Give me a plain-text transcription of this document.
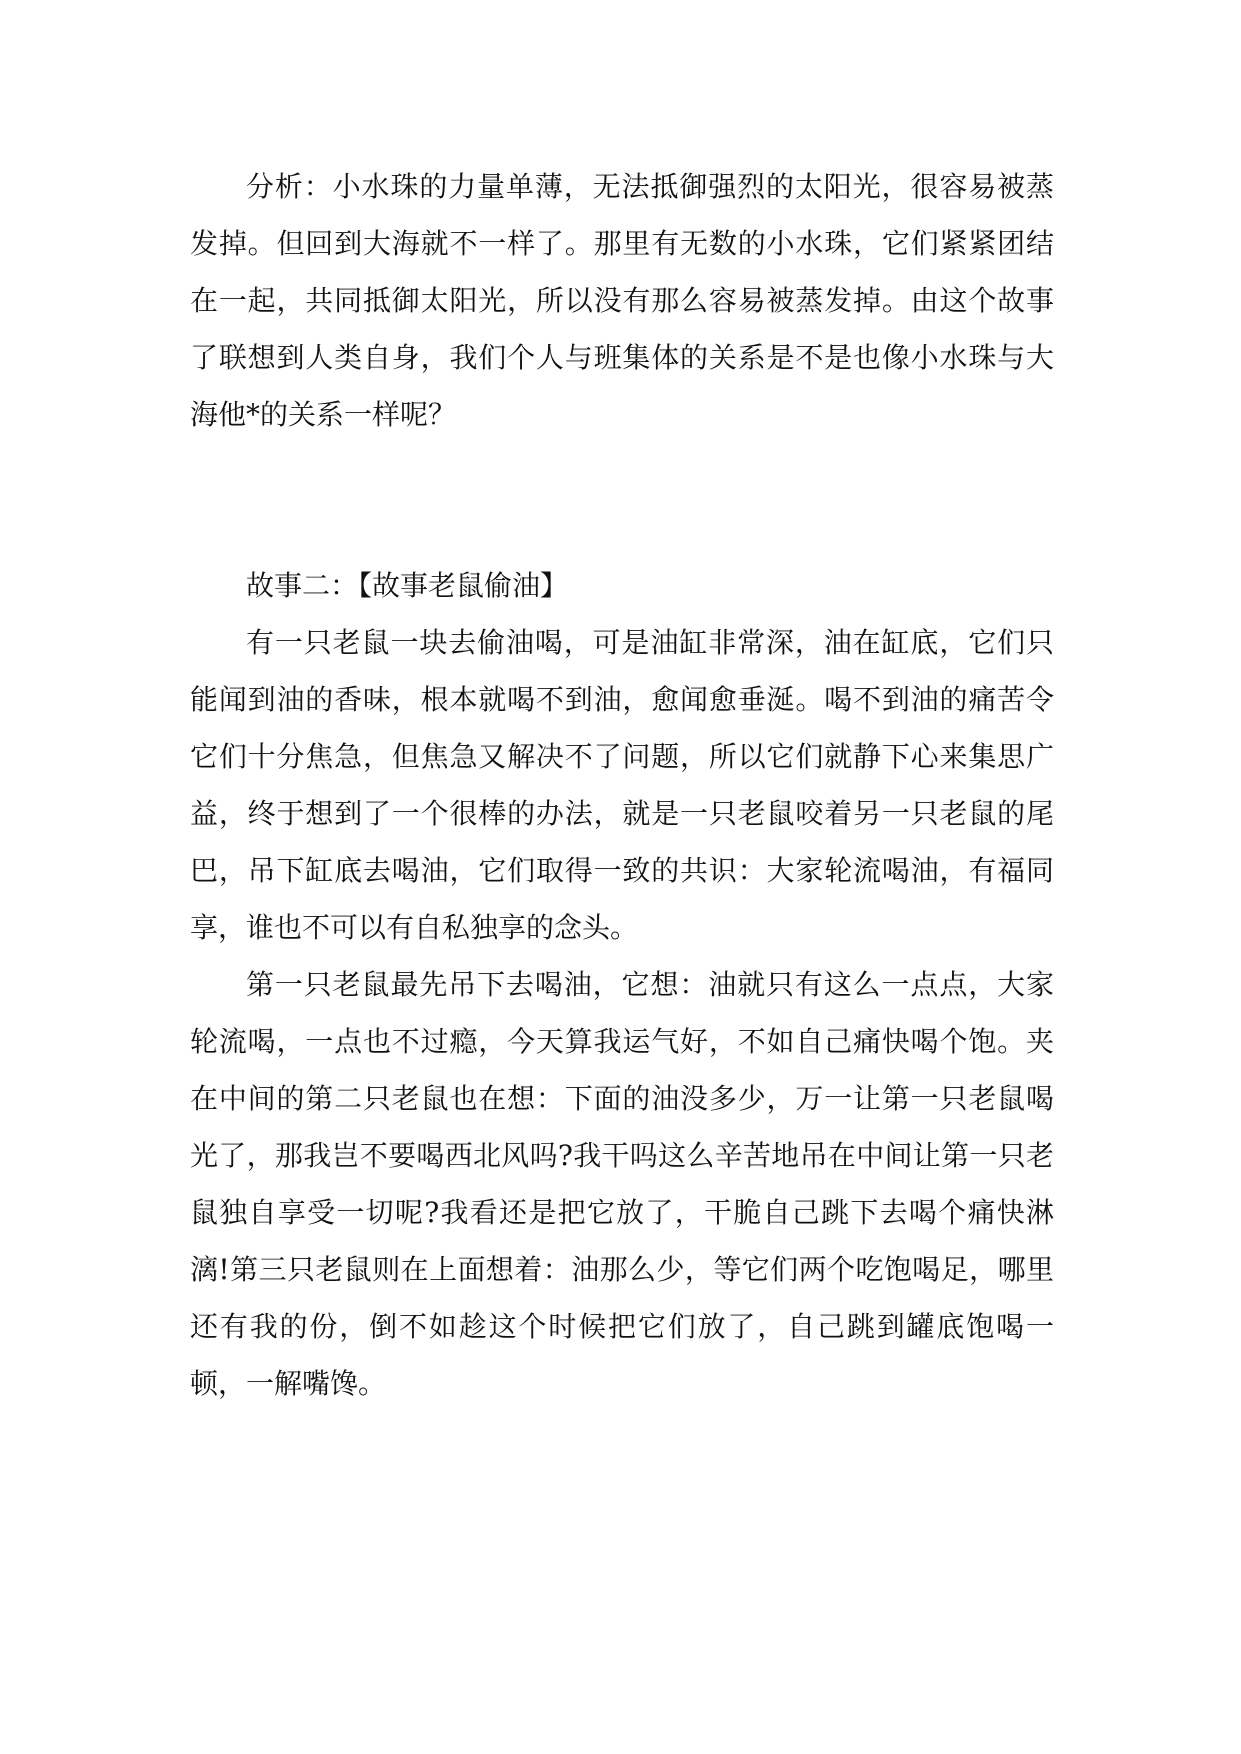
分析：小水珠的力量单薄，无法抵御强烈的太阳光，很容易被蒸发掉。但回到大海就不一样了。那里有无数的小水珠，它们紧紧团结在一起，共同抵御太阳光，所以没有那么容易被蒸发掉。由这个故事了联想到人类自身，我们个人与班集体的关系是不是也像小水珠与大海他*的关系一样呢？

故事二：【故事老鼠偷油】

有一只老鼠一块去偷油喝，可是油缸非常深，油在缸底，它们只能闻到油的香味，根本就喝不到油，愈闻愈垂涎。喝不到油的痛苦令它们十分焦急，但焦急又解决不了问题，所以它们就静下心来集思广益，终于想到了一个很棒的办法，就是一只老鼠咬着另一只老鼠的尾巴，吊下缸底去喝油，它们取得一致的共识：大家轮流喝油，有福同享，谁也不可以有自私独享的念头。

第一只老鼠最先吊下去喝油，它想：油就只有这么一点点，大家轮流喝，一点也不过瘾，今天算我运气好，不如自己痛快喝个饱。夹在中间的第二只老鼠也在想：下面的油没多少，万一让第一只老鼠喝光了，那我岂不要喝西北风吗?我干吗这么辛苦地吊在中间让第一只老鼠独自享受一切呢?我看还是把它放了，干脆自己跳下去喝个痛快淋漓!第三只老鼠则在上面想着：油那么少，等它们两个吃饱喝足，哪里还有我的份，倒不如趁这个时候把它们放了，自己跳到罐底饱喝一顿，一解嘴馋。
